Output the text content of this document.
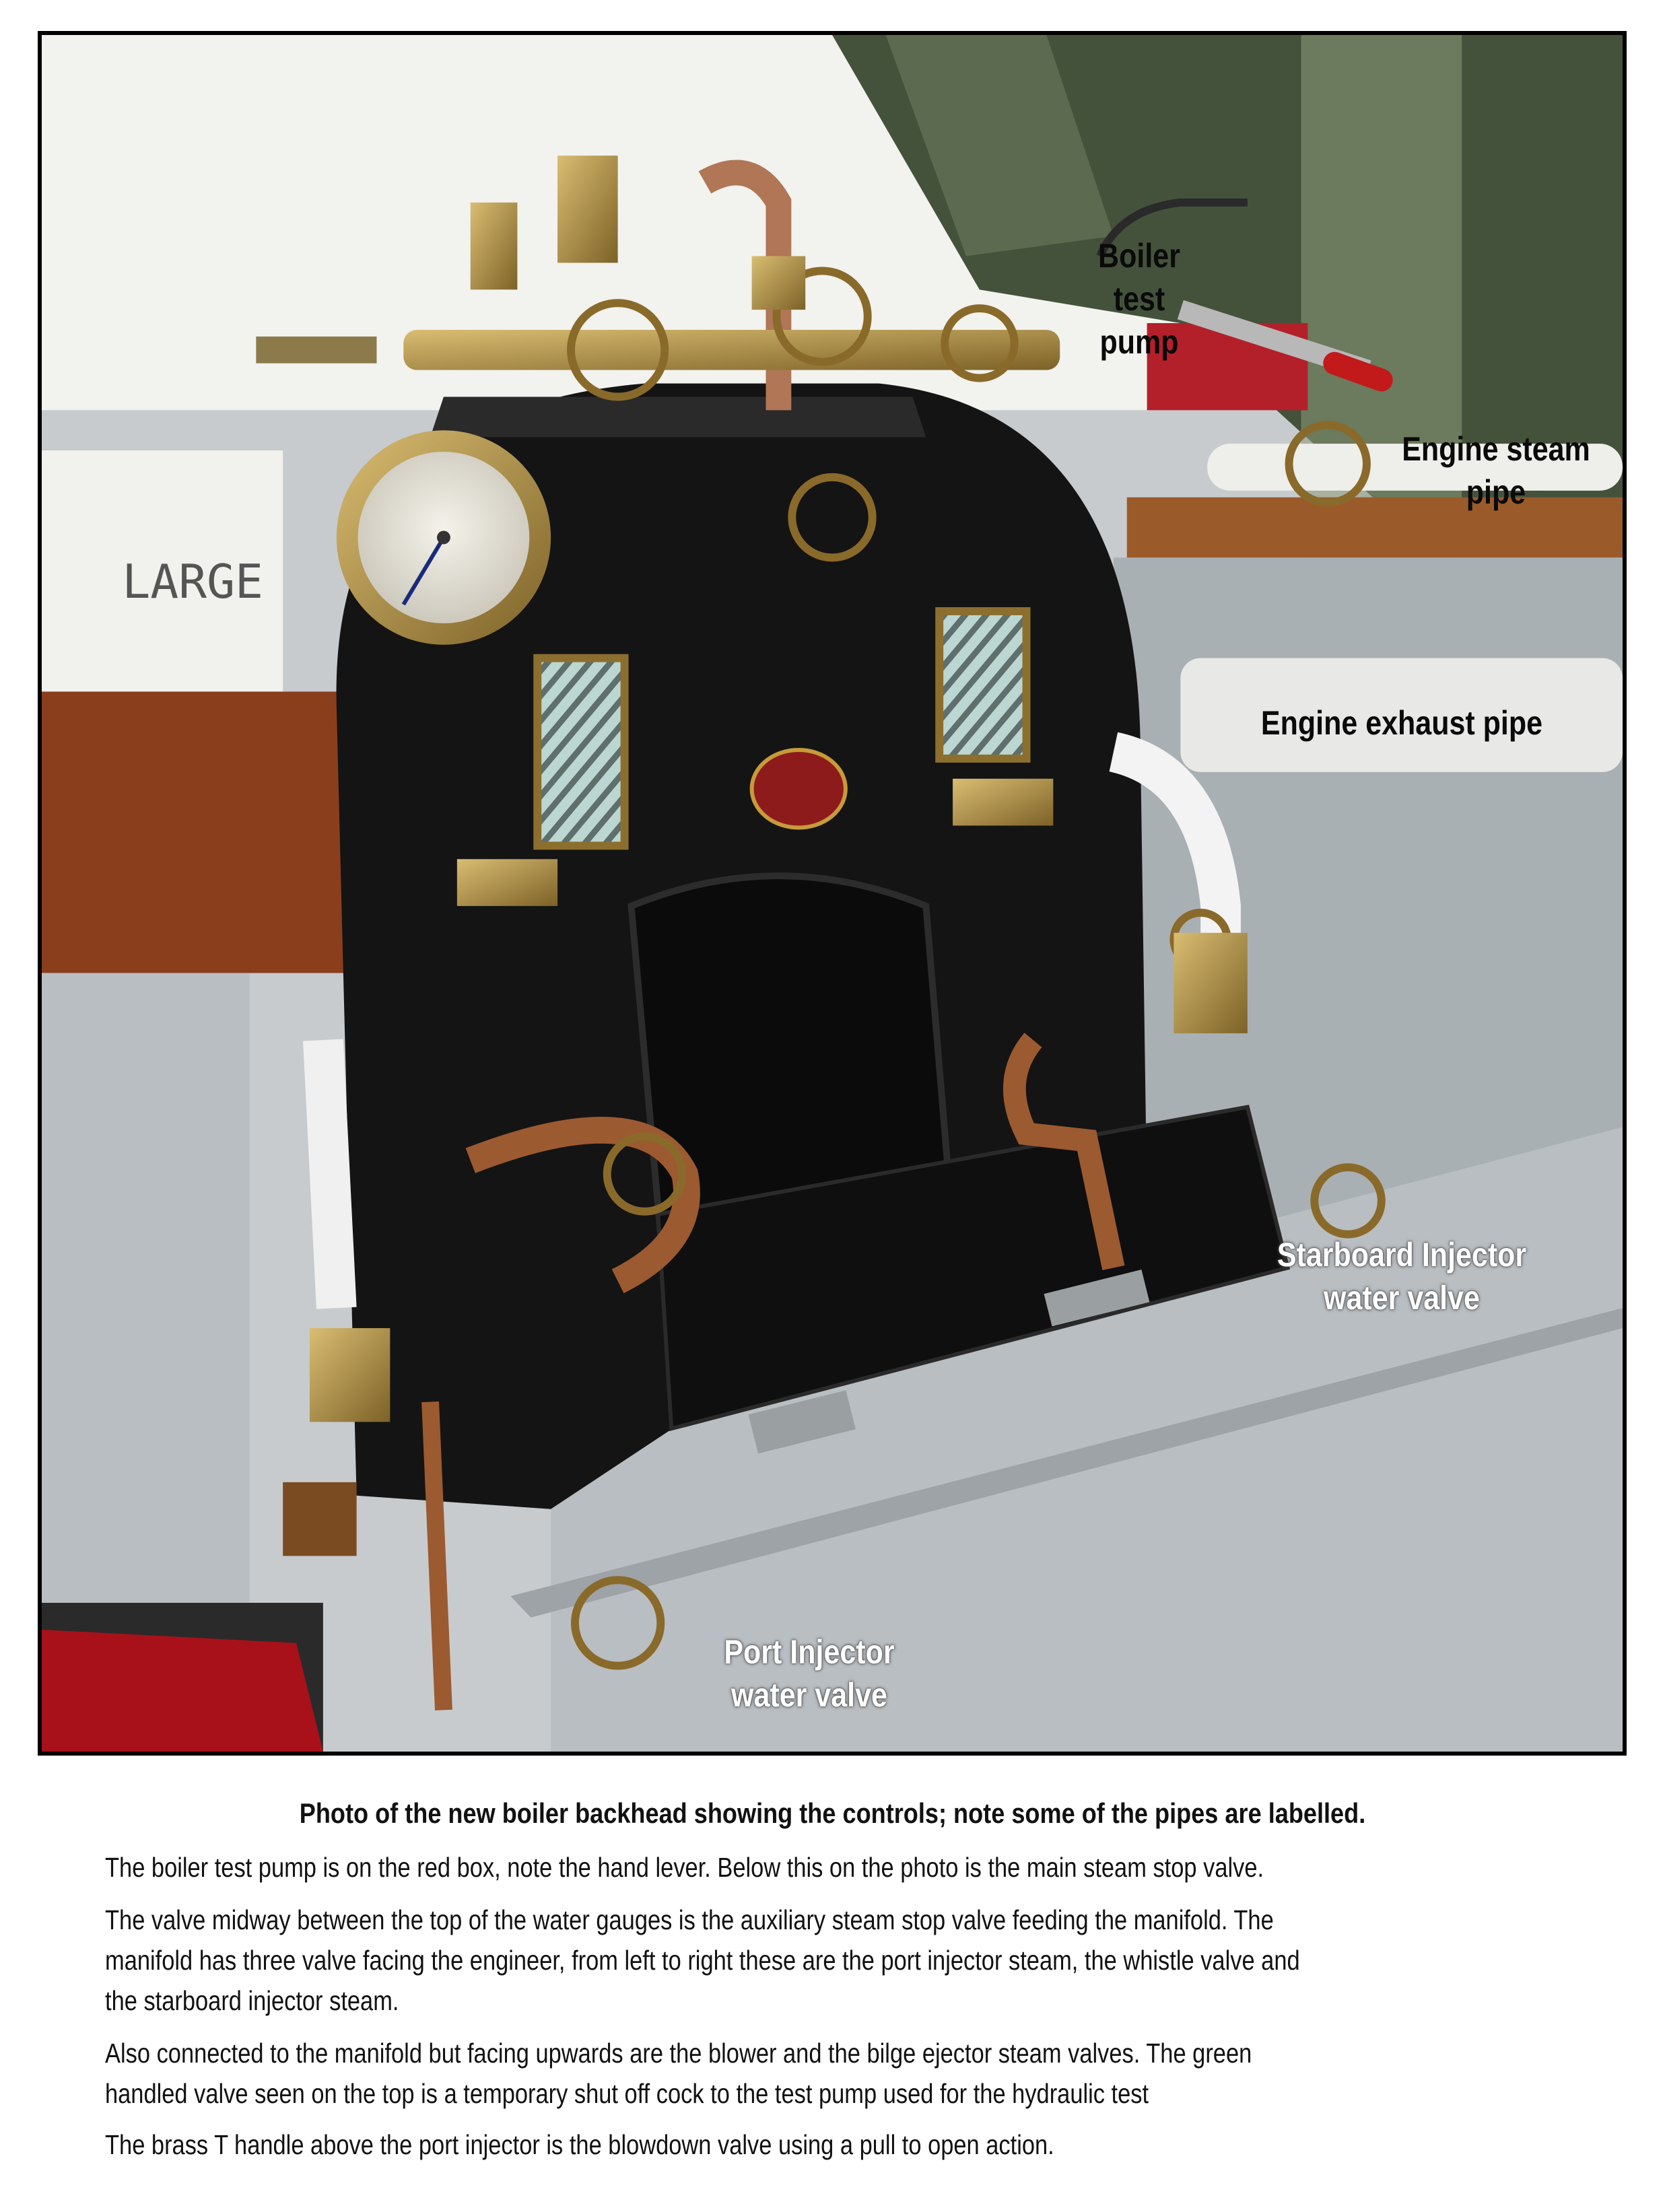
LARGE
Boiler
test
pump
Engine steam
pipe
Engine exhaust pipe
Starboard Injector
water valve
Port Injector
water valve
Photo of the new boiler backhead showing the controls; note some of the pipes are labelled.
The boiler test pump is on the red box, note the hand lever. Below this on the photo is the main steam stop valve.
The valve midway between the top of the water gauges is the auxiliary steam stop valve feeding the manifold. The
manifold has three valve facing the engineer, from left to right these are the port injector steam, the whistle valve and
the starboard injector steam.
Also connected to the manifold but facing upwards are the blower and the bilge ejector steam valves. The green
handled valve seen on the top is a temporary shut off cock to the test pump used for the hydraulic test
The brass T handle above the port injector is the blowdown valve using a pull to open action.
